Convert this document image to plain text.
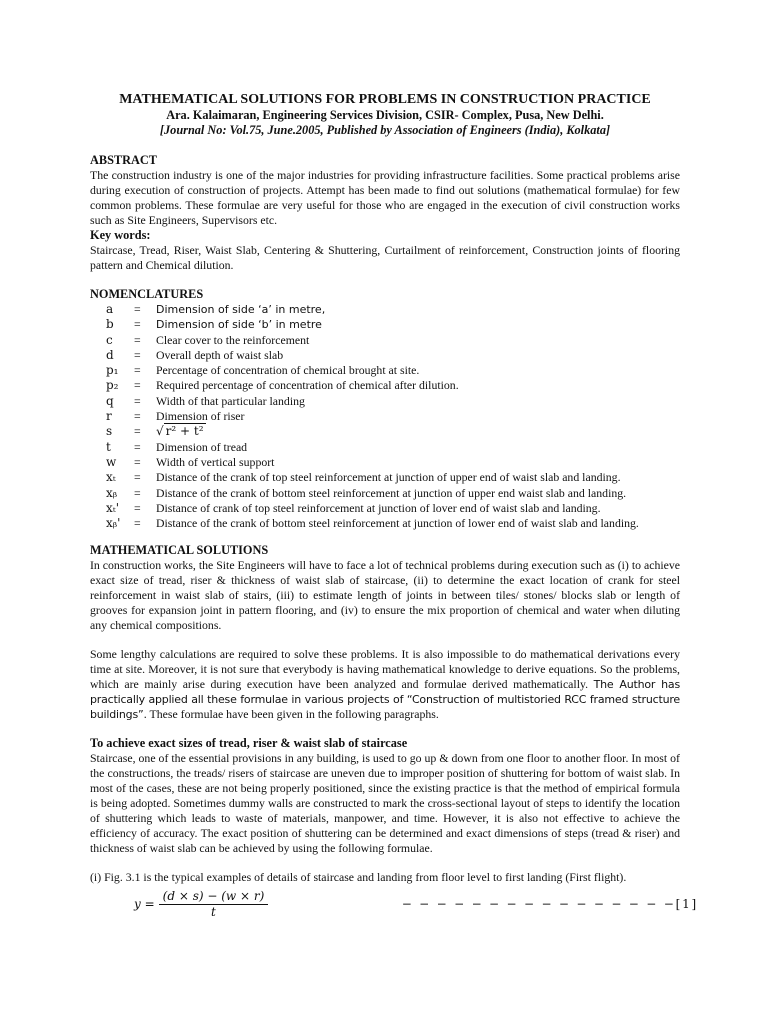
MATHEMATICAL SOLUTIONS FOR PROBLEMS IN CONSTRUCTION PRACTICE

Ara. Kalaimaran, Engineering Services Division, CSIR- Complex, Pusa, New Delhi.

[Journal No: Vol.75, June.2005, Published by Association of Engineers (India), Kolkata]

ABSTRACT

The construction industry is one of the major industries for providing infrastructure facilities. Some practical problems arise during execution of construction of projects. Attempt has been made to find out solutions (mathematical formulae) for few common problems. These formulae are very useful for those who are engaged in the execution of civil construction works such as Site Engineers, Supervisors etc.

Key words:

Staircase, Tread, Riser, Waist Slab, Centering & Shuttering, Curtailment of reinforcement, Construction joints of flooring pattern and Chemical dilution.

NOMENCLATURES

a	=	Dimension of side ‘a’ in metre,
b	=	Dimension of side ‘b’ in metre
c	=	Clear cover to the reinforcement
d	=	Overall depth of waist slab
p₁	=	Percentage of concentration of chemical brought at site.
p₂	=	Required percentage of concentration of chemical after dilution.
q	=	Width of that particular landing
r	=	Dimension of riser
s	=	√ r² + t²
t	=	Dimension of tread
w	=	Width of vertical support
xₜ	=	Distance of the crank of top steel reinforcement at junction of upper end of waist slab and landing.
xᵦ	=	Distance of the crank of bottom steel reinforcement at junction of upper end waist slab and landing.
xₜ'	=	Distance of crank of top steel reinforcement at junction of lover end of waist slab and landing.
xᵦ'	=	Distance of the crank of bottom steel reinforcement at junction of lower end of waist slab and landing.

MATHEMATICAL SOLUTIONS

In construction works, the Site Engineers will have to face a lot of technical problems during execution such as (i) to achieve exact size of tread, riser & thickness of waist slab of staircase, (ii) to determine the exact location of crank for steel reinforcement in waist slab of stairs, (iii) to estimate length of joints in between tiles/ stones/ blocks slab or length of grooves for expansion joint in pattern flooring, and (iv) to ensure the mix proportion of chemical and water when diluting any chemical compositions.

Some lengthy calculations are required to solve these problems. It is also impossible to do mathematical derivations every time at site. Moreover, it is not sure that everybody is having mathematical knowledge to derive equations. So the problems, which are mainly arise during execution have been analyzed and formulae derived mathematically. The Author has practically applied all these formulae in various projects of “Construction of multistoried RCC framed structure buildings”. These formulae have been given in the following paragraphs.

To achieve exact sizes of tread, riser & waist slab of staircase

Staircase, one of the essential provisions in any building, is used to go up & down from one floor to another floor. In most of the constructions, the treads/ risers of staircase are uneven due to improper position of shuttering for bottom of waist slab. In most of the cases, these are not being properly positioned, since the existing practice is that the method of empirical formula is being adopted. Sometimes dummy walls are constructed to mark the cross-sectional layout of steps to identify the location of shuttering which leads to waste of materials, manpower, and time. However, it is also not effective to achieve the efficiency of accuracy. The exact position of shuttering can be determined and exact dimensions of steps (tread & riser) and thickness of waist slab can be achieved by using the following formulae.

(i) Fig. 3.1 is the typical examples of details of staircase and landing from floor level to first landing (First flight).

$y = \frac{(d \times s) - (w \times r)}{t}$	− − − − − − − − − − − − − − − −[1]
